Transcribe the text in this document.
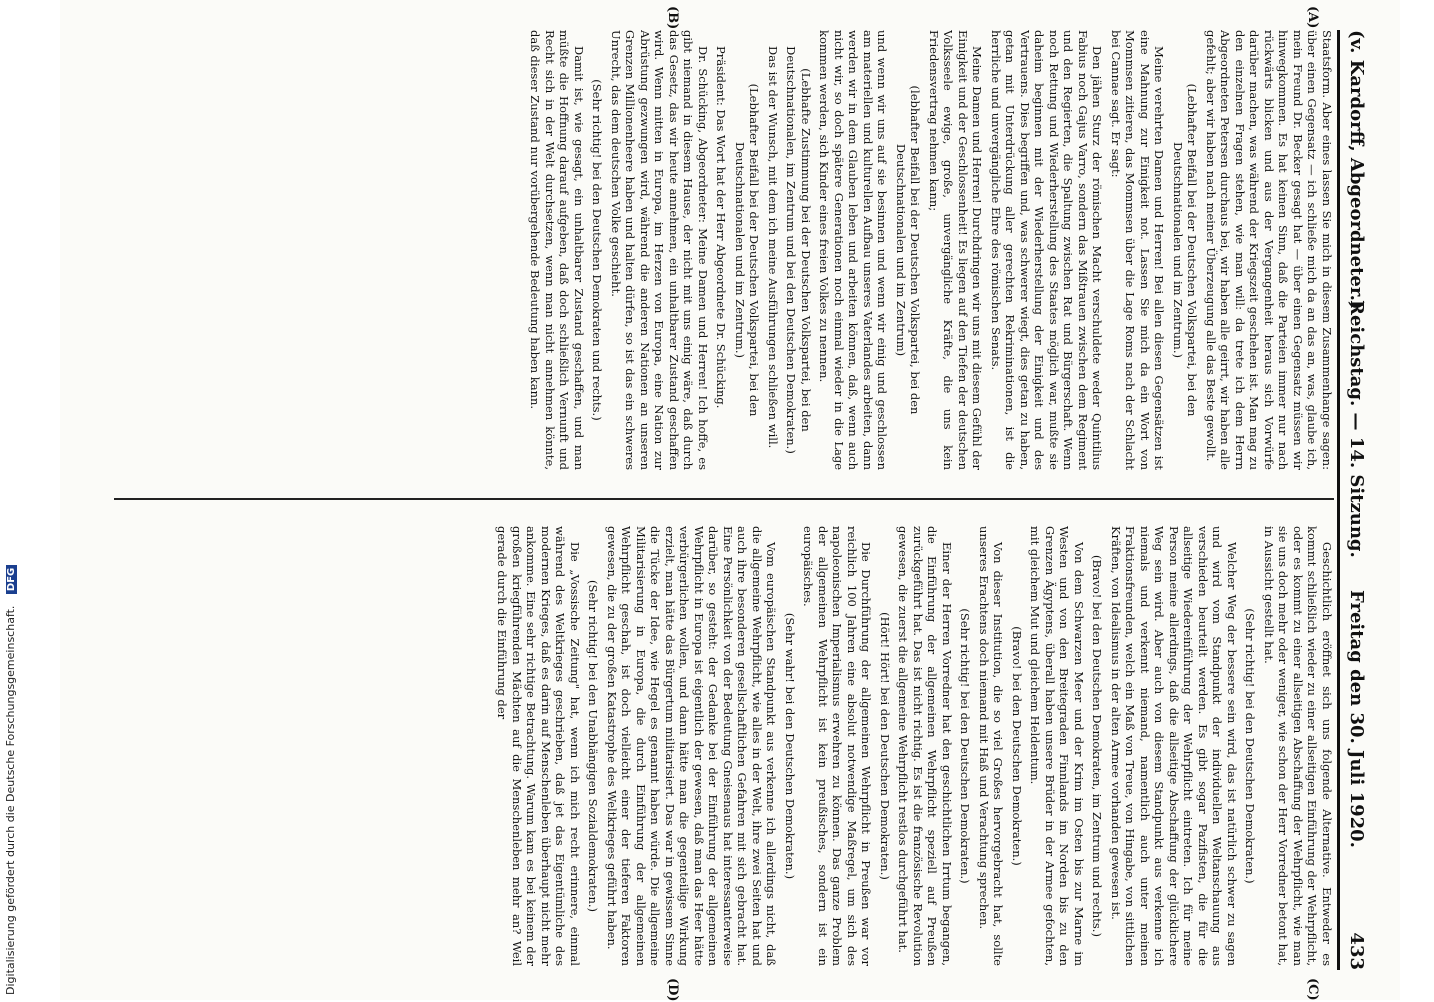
(v. Kardorff, Abgeordneter.)
Reichstag. — 14. Sitzung.
Freitag den 30. Juli 1920.
433
(A)
(B)
(C)
(D)

Staatsform. Aber eines lassen Sie mich in diesem Zusammenhange sagen: über einen Gegensatz — ich schließe mich da an das an, was, glaube ich, mein Freund Dr. Becker gesagt hat — über einen Gegensatz müssen wir hinwegkommen. Es hat keinen Sinn, daß die Parteien immer nur nach rückwärts blicken und aus der Vergangenheit heraus sich Vorwürfe darüber machen, was während der Kriegszeit geschehen ist. Man mag zu den einzelnen Fragen stehen, wie man will: da trete ich dem Herrn Abgeordneten Petersen durchaus bei, wir haben alle geirrt, wir haben alle gefehlt; aber wir haben nach meiner Überzeugung alle das Beste gewollt.

(Lebhafter Beifall bei der Deutschen Volkspartei, bei den Deutschnationalen und im Zentrum.)

Meine verehrten Damen und Herren! Bei allen diesen Gegensätzen ist eine Mahnung zur Einigkeit not. Lassen Sie mich da ein Wort von Mommsen zitieren, das Mommsen über die Lage Roms nach der Schlacht bei Cannae sagt. Er sagt:

Den jähen Sturz der römischen Macht verschuldete weder Quintilius Fabius noch Gajus Varro, sondern das Mißtrauen zwischen dem Regiment und den Regierten, die Spaltung zwischen Rat und Bürgerschaft. Wenn noch Rettung und Wiederherstellung des Staates möglich war, mußte sie daheim beginnen mit der Wiederherstellung der Einigkeit und des Vertrauens. Dies begriffen und, was schwerer wiegt, dies getan zu haben, getan mit Unterdrückung aller gerechten Rekriminationen, ist die herrliche und unvergängliche Ehre des römischen Senats.

Meine Damen und Herren! Durchdringen wir uns mit diesem Gefühl der Einigkeit und der Geschlossenheit! Es liegen auf den Tiefen der deutschen Volksseele ewige, große, unvergängliche Kräfte, die uns kein Friedensvertrag nehmen kann;

(lebhafter Beifall bei der Deutschen Volkspartei, bei den Deutschnationalen und im Zentrum)

und wenn wir uns auf sie besinnen und wenn wir einig und geschlossen am materiellen und kulturellen Aufbau unseres Vaterlandes arbeiten, dann werden wir in dem Glauben leben und arbeiten können, daß, wenn auch nicht wir, so doch spätere Generationen noch einmal wieder in die Lage kommen werden, sich Kinder eines freien Volkes zu nennen.

(Lebhafte Zustimmung bei der Deutschen Volkspartei, bei den Deutschnationalen, im Zentrum und bei den Deutschen Demokraten.)

Das ist der Wunsch, mit dem ich meine Ausführungen schließen will.

(Lebhafter Beifall bei der Deutschen Volkspartei, bei den Deutschnationalen und im Zentrum.)

Präsident: Das Wort hat der Herr Abgeordnete Dr. Schücking.

Dr. Schücking, Abgeordneter: Meine Damen und Herren! Ich hoffe, es gibt niemand in diesem Hause, der nicht mit uns einig wäre, daß durch das Gesetz, das wir heute annehmen, ein unhaltbarer Zustand geschaffen wird. Wenn mitten in Europa, im Herzen von Europa, eine Nation zur Abrüstung gezwungen wird, während die anderen Nationen an unseren Grenzen Millionenheere haben und halten dürfen, so ist das ein schweres Unrecht, das dem deutschen Volke geschieht.

(Sehr richtig! bei den Deutschen Demokraten und rechts.)

Damit ist, wie gesagt, ein unhaltbarer Zustand geschaffen, und man müßte die Hoffnung darauf aufgeben, daß doch schließlich Vernunft und Recht sich in der Welt durchsetzen, wenn man nicht annehmen könnte, daß dieser Zustand nur vorübergehende Bedeutung haben kann.

Geschichtlich eröffnet sich uns folgende Alternative. Entweder es kommt schließlich wieder zu einer allseitigen Einführung der Wehrpflicht, oder es kommt zu einer allseitigen Abschaffung der Wehrpflicht, wie man sie uns doch mehr oder weniger, wie schon der Herr Vorredner betont hat, in Aussicht gestellt hat.

(Sehr richtig! bei den Deutschen Demokraten.)

Welcher Weg der bessere sein wird, das ist natürlich schwer zu sagen und wird vom Standpunkt der individuellen Weltanschauung aus verschieden beurteilt werden. Es gibt sogar Pazifisten, die für die allseitige Wiedereinführung der Wehrpflicht eintreten. Ich für meine Person meine allerdings, daß die allseitige Abschaffung der glücklichere Weg sein wird. Aber auch von diesem Standpunkt aus verkenne ich niemals und verkennt niemand, namentlich auch unter meinen Fraktionsfreunden, welch ein Maß von Treue, von Hingabe, von sittlichen Kräften, von Idealismus in der alten Armee vorhanden gewesen ist.

(Bravo! bei den Deutschen Demokraten, im Zentrum und rechts.)

Von dem Schwarzen Meer und der Krim im Osten bis zur Marne im Westen und von den Breitegraden Finnlands im Norden bis zu den Grenzen Ägyptens, überall haben unsere Brüder in der Armee gefochten, mit gleichem Mut und gleichem Heldentum.

(Bravo! bei den Deutschen Demokraten.)

Von dieser Institution, die so viel Großes hervorgebracht hat, sollte unseres Erachtens doch niemand mit Haß und Verachtung sprechen.

(Sehr richtig! bei den Deutschen Demokraten.)

Einer der Herren Vorredner hat den geschichtlichen Irrtum begangen, die Einführung der allgemeinen Wehrpflicht speziell auf Preußen zurückgeführt hat. Das ist nicht richtig. Es ist die französische Revolution gewesen, die zuerst die allgemeine Wehrpflicht restlos durchgeführt hat.

(Hört! Hört! bei den Deutschen Demokraten.)

Die Durchführung der allgemeinen Wehrpflicht in Preußen war vor reichlich 100 Jahren eine absolut notwendige Maßregel, um sich des napoleonischen Imperialismus erwehren zu können. Das ganze Problem der allgemeinen Wehrpflicht ist kein preußisches, sondern ist ein europäisches.

(Sehr wahr! bei den Deutschen Demokraten.)

Vom europäischen Standpunkt aus verkenne ich allerdings nicht, daß die allgemeine Wehrpflicht, wie alles in der Welt, ihre zwei Seiten hat und auch ihre besonderen gesellschaftlichen Gefahren mit sich gebracht hat. Eine Persönlichkeit von der Bedeutung Gneisenaus hat interessanterweise darüber, so gesteht: der Gedanke bei der Einführung der allgemeinen Wehrpflicht in Europa ist eigentlich der gewesen, daß man das Heer hätte verbürgerlichen wollen, und dann hätte man die gegenteilige Wirkung erzielt, man hätte das Bürgertum militarisiert. Das war in gewissem Sinne die Tücke der Idee, wie Hegel es genannt haben würde. Die allgemeine Militarisierung in Europa, die durch Einführung der allgemeinen Wehrpflicht geschah, ist doch vielleicht einer der tieferen Faktoren gewesen, die zu der großen Katastrophe des Weltkrieges geführt haben.

(Sehr richtig! bei den Unabhängigen Sozialdemokraten.)

Die „Vossische Zeitung" hat, wenn ich mich recht erinnere, einmal während des Weltkrieges geschrieben, daß jet das Eigentümliche des modernen Krieges, daß es darin auf Menschenleben überhaupt nicht mehr ankomme. Eine sehr richtige Betrachtung. Warum kam es bei keinem der großen kriegführenden Mächten auf die Menschenleben mehr an? Weil gerade durch die Einführung der

Digitalisierung gefördert durch die Deutsche Forschungsgemeinschaft. DFG
